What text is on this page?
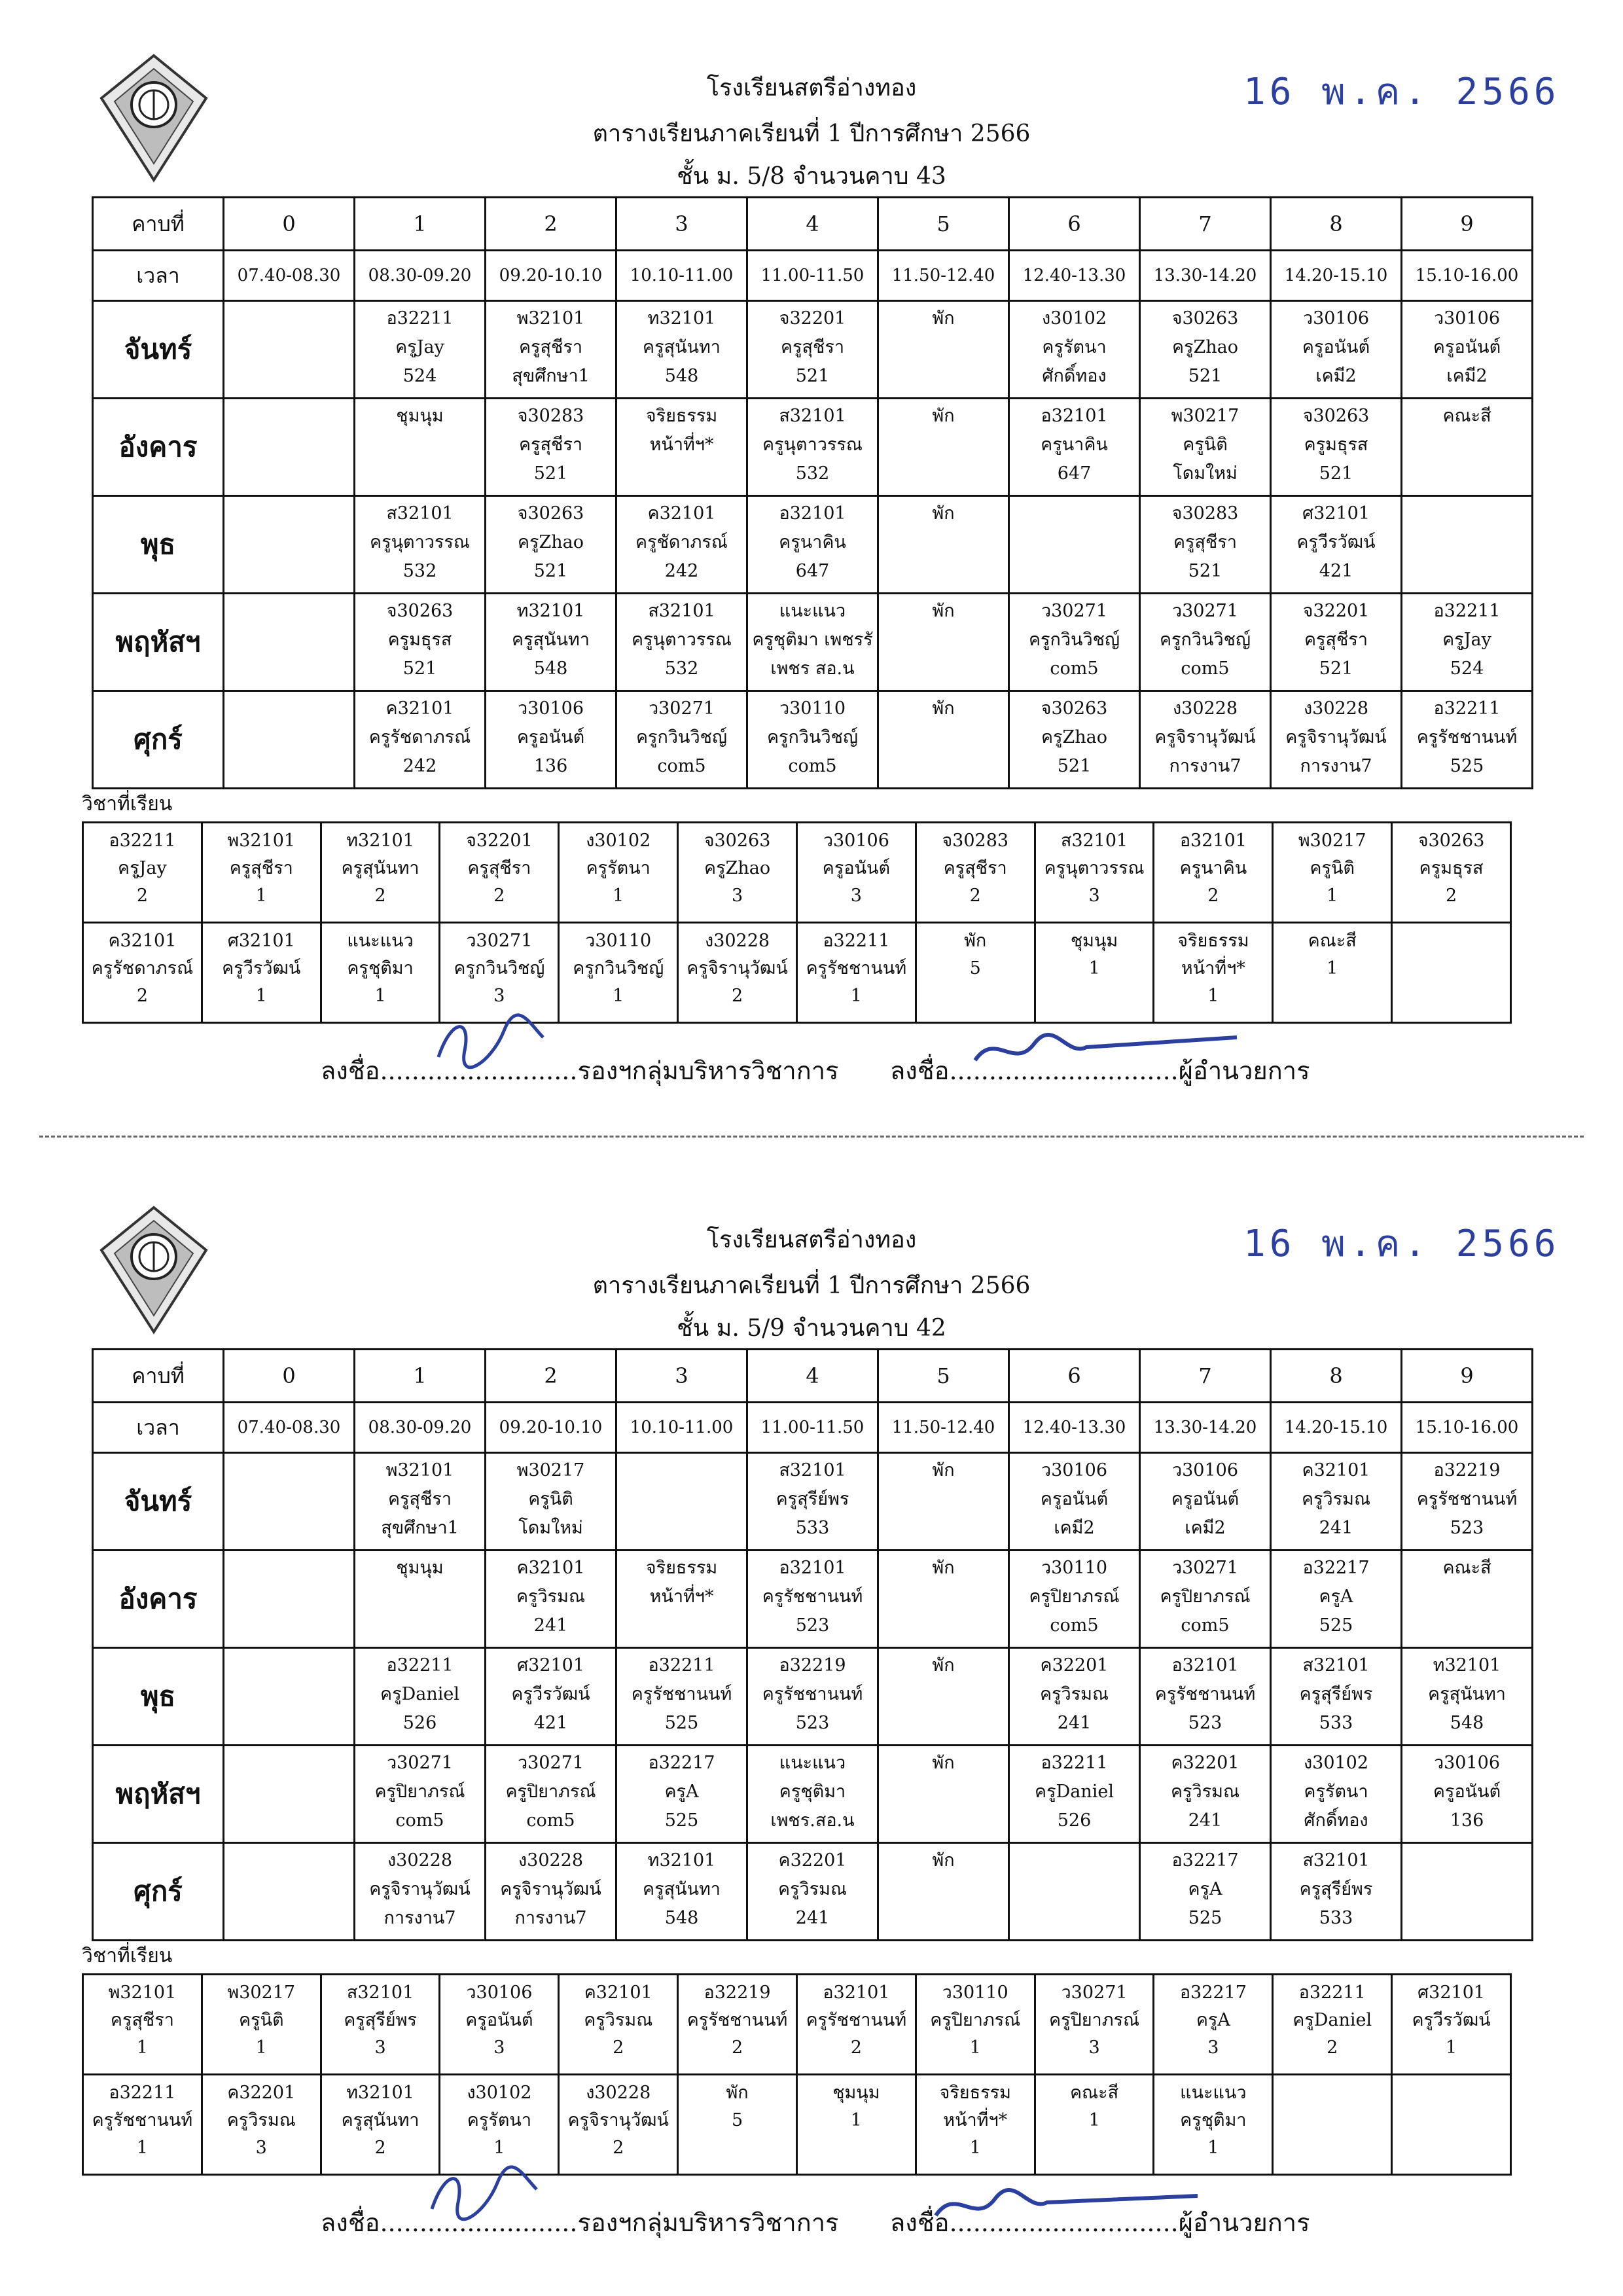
16 พ.ค. 2566
โรงเรียนสตรีอ่างทอง
ตารางเรียนภาคเรียนที่ 1 ปีการศึกษา 2566
ชั้น ม. 5/8 จำนวนคาบ 43
คาบที่	0	1	2	3	4	5	6	7	8	9
เวลา	07.40-08.30	08.30-09.20	09.20-10.10	10.10-11.00	11.00-11.50	11.50-12.40	12.40-13.30	13.30-14.20	14.20-15.10	15.10-16.00
จันทร์		อ32211
ครูJay
524	พ32101
ครูสุชีรา
สุขศึกษา1	ท32101
ครูสุนันทา
548	จ32201
ครูสุชีรา
521	พัก	ง30102
ครูรัตนา
ศักดิ์ทอง	จ30263
ครูZhao
521	ว30106
ครูอนันต์
เคมี2	ว30106
ครูอนันต์
เคมี2

อังคาร		ชุมนุม	จ30283
ครูสุชีรา
521	จริยธรรม
หน้าที่ฯ*	ส32101
ครูนุตาวรรณ
532	พัก	อ32101
ครูนาคิน
647	พ30217
ครูนิติ
โดมใหม่	จ30263
ครูมธุรส
521	คณะสี

พุธ		ส32101
ครูนุตาวรรณ
532	จ30263
ครูZhao
521	ค32101
ครูชัดาภรณ์
242	อ32101
ครูนาคิน
647	พัก		จ30283
ครูสุชีรา
521	ศ32101
ครูวีรวัฒน์
421	

พฤหัสฯ		จ30263
ครูมธุรส
521	ท32101
ครูสุนันทา
548	ส32101
ครูนุตาวรรณ
532	แนะแนว
ครูชุติมา เพชรรั
เพชร สอ.น	พัก	ว30271
ครูกวินวิชญ์
com5	ว30271
ครูกวินวิชญ์
com5	จ32201
ครูสุชีรา
521	อ32211
ครูJay
524

ศุกร์		ค32101
ครูรัชดาภรณ์
242	ว30106
ครูอนันต์
136	ว30271
ครูกวินวิชญ์
com5	ว30110
ครูกวินวิชญ์
com5	พัก	จ30263
ครูZhao
521	ง30228
ครูจิรานุวัฒน์
การงาน7	ง30228
ครูจิรานุวัฒน์
การงาน7	อ32211
ครูรัชชานนท์
525
วิชาที่เรียน
อ32211
ครูJay
2	พ32101
ครูสุชีรา
1	ท32101
ครูสุนันทา
2	จ32201
ครูสุชีรา
2	ง30102
ครูรัตนา
1	จ30263
ครูZhao
3	ว30106
ครูอนันต์
3	จ30283
ครูสุชีรา
2	ส32101
ครูนุตาวรรณ
3	อ32101
ครูนาคิน
2	พ30217
ครูนิติ
1	จ30263
ครูมธุรส
2

ค32101
ครูรัชดาภรณ์
2	ศ32101
ครูวีรวัฒน์
1	แนะแนว
ครูชุติมา
1	ว30271
ครูกวินวิชญ์
3	ว30110
ครูกวินวิชญ์
1	ง30228
ครูจิรานุวัฒน์
2	อ32211
ครูรัชชานนท์
1	พัก
5	ชุมนุม
1	จริยธรรม
หน้าที่ฯ*
1	คณะสี
1	

ลงชื่อ.........................รองฯกลุ่มบริหารวิชาการ ลงชื่อ.............................ผู้อำนวยการ
16 พ.ค. 2566
โรงเรียนสตรีอ่างทอง
ตารางเรียนภาคเรียนที่ 1 ปีการศึกษา 2566
ชั้น ม. 5/9 จำนวนคาบ 42
คาบที่	0	1	2	3	4	5	6	7	8	9
เวลา	07.40-08.30	08.30-09.20	09.20-10.10	10.10-11.00	11.00-11.50	11.50-12.40	12.40-13.30	13.30-14.20	14.20-15.10	15.10-16.00
จันทร์		พ32101
ครูสุชีรา
สุขศึกษา1	พ30217
ครูนิติ
โดมใหม่		ส32101
ครูสุรีย์พร
533	พัก	ว30106
ครูอนันต์
เคมี2	ว30106
ครูอนันต์
เคมี2	ค32101
ครูวิรมณ
241	อ32219
ครูรัชชานนท์
523

อังคาร		ชุมนุม	ค32101
ครูวิรมณ
241	จริยธรรม
หน้าที่ฯ*	อ32101
ครูรัชชานนท์
523	พัก	ว30110
ครูปิยาภรณ์
com5	ว30271
ครูปิยาภรณ์
com5	อ32217
ครูA
525	คณะสี

พุธ		อ32211
ครูDaniel
526	ศ32101
ครูวีรวัฒน์
421	อ32211
ครูรัชชานนท์
525	อ32219
ครูรัชชานนท์
523	พัก	ค32201
ครูวิรมณ
241	อ32101
ครูรัชชานนท์
523	ส32101
ครูสุรีย์พร
533	ท32101
ครูสุนันทา
548

พฤหัสฯ		ว30271
ครูปิยาภรณ์
com5	ว30271
ครูปิยาภรณ์
com5	อ32217
ครูA
525	แนะแนว
ครูชุติมา
เพชร.สอ.น	พัก	อ32211
ครูDaniel
526	ค32201
ครูวิรมณ
241	ง30102
ครูรัตนา
ศักดิ์ทอง	ว30106
ครูอนันต์
136

ศุกร์		ง30228
ครูจิรานุวัฒน์
การงาน7	ง30228
ครูจิรานุวัฒน์
การงาน7	ท32101
ครูสุนันทา
548	ค32201
ครูวิรมณ
241	พัก		อ32217
ครูA
525	ส32101
ครูสุรีย์พร
533	

วิชาที่เรียน
พ32101
ครูสุชีรา
1	พ30217
ครูนิติ
1	ส32101
ครูสุรีย์พร
3	ว30106
ครูอนันต์
3	ค32101
ครูวิรมณ
2	อ32219
ครูรัชชานนท์
2	อ32101
ครูรัชชานนท์
2	ว30110
ครูปิยาภรณ์
1	ว30271
ครูปิยาภรณ์
3	อ32217
ครูA
3	อ32211
ครูDaniel
2	ศ32101
ครูวีรวัฒน์
1

อ32211
ครูรัชชานนท์
1	ค32201
ครูวิรมณ
3	ท32101
ครูสุนันทา
2	ง30102
ครูรัตนา
1	ง30228
ครูจิรานุวัฒน์
2	พัก
5	ชุมนุม
1	จริยธรรม
หน้าที่ฯ*
1	คณะสี
1	แนะแนว
ครูชุติมา
1		

ลงชื่อ.........................รองฯกลุ่มบริหารวิชาการ ลงชื่อ.............................ผู้อำนวยการ
